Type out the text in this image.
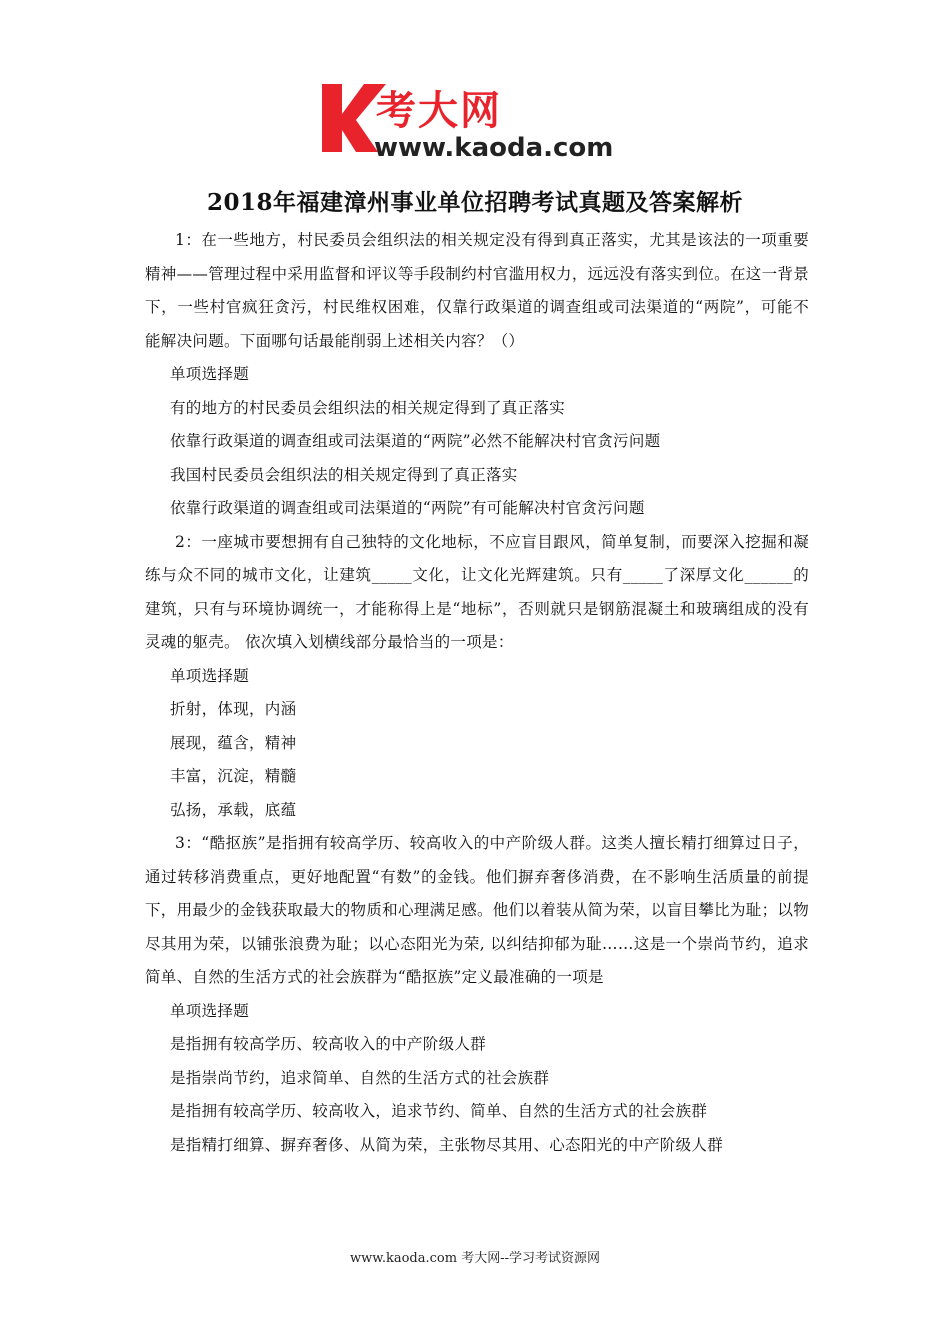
考大网
www.kaoda.com
2018年福建漳州事业单位招聘考试真题及答案解析

1：在一些地方，村民委员会组织法的相关规定没有得到真正落实，尤其是该法的一项重要精神——管理过程中采用监督和评议等手段制约村官滥用权力，远远没有落实到位。在这一背景下，一些村官疯狂贪污，村民维权困难，仅靠行政渠道的调查组或司法渠道的“两院”，可能不能解决问题。下面哪句话最能削弱上述相关内容？（）

单项选择题

有的地方的村民委员会组织法的相关规定得到了真正落实

依靠行政渠道的调查组或司法渠道的“两院”必然不能解决村官贪污问题

我国村民委员会组织法的相关规定得到了真正落实

依靠行政渠道的调查组或司法渠道的“两院”有可能解决村官贪污问题

2：一座城市要想拥有自己独特的文化地标，不应盲目跟风，简单复制，而要深入挖掘和凝练与众不同的城市文化，让建筑_____文化，让文化光辉建筑。只有_____了深厚文化______的建筑，只有与环境协调统一，才能称得上是“地标”，否则就只是钢筋混凝土和玻璃组成的没有灵魂的躯壳。 依次填入划横线部分最恰当的一项是：

单项选择题

折射，体现，内涵

展现，蕴含，精神

丰富，沉淀，精髓

弘扬，承载，底蕴

3：“酷抠族”是指拥有较高学历、较高收入的中产阶级人群。这类人擅长精打细算过日子，通过转移消费重点，更好地配置“有数”的金钱。他们摒弃奢侈消费，在不影响生活质量的前提下，用最少的金钱获取最大的物质和心理满足感。他们以着装从简为荣，以盲目攀比为耻；以物尽其用为荣，以铺张浪费为耻；以心态阳光为荣, 以纠结抑郁为耻……这是一个崇尚节约，追求简单、自然的生活方式的社会族群为“酷抠族”定义最准确的一项是

单项选择题

是指拥有较高学历、较高收入的中产阶级人群

是指崇尚节约，追求简单、自然的生活方式的社会族群

是指拥有较高学历、较高收入，追求节约、简单、自然的生活方式的社会族群

是指精打细算、摒弃奢侈、从简为荣，主张物尽其用、心态阳光的中产阶级人群

www.kaoda.com 考大网--学习考试资源网
